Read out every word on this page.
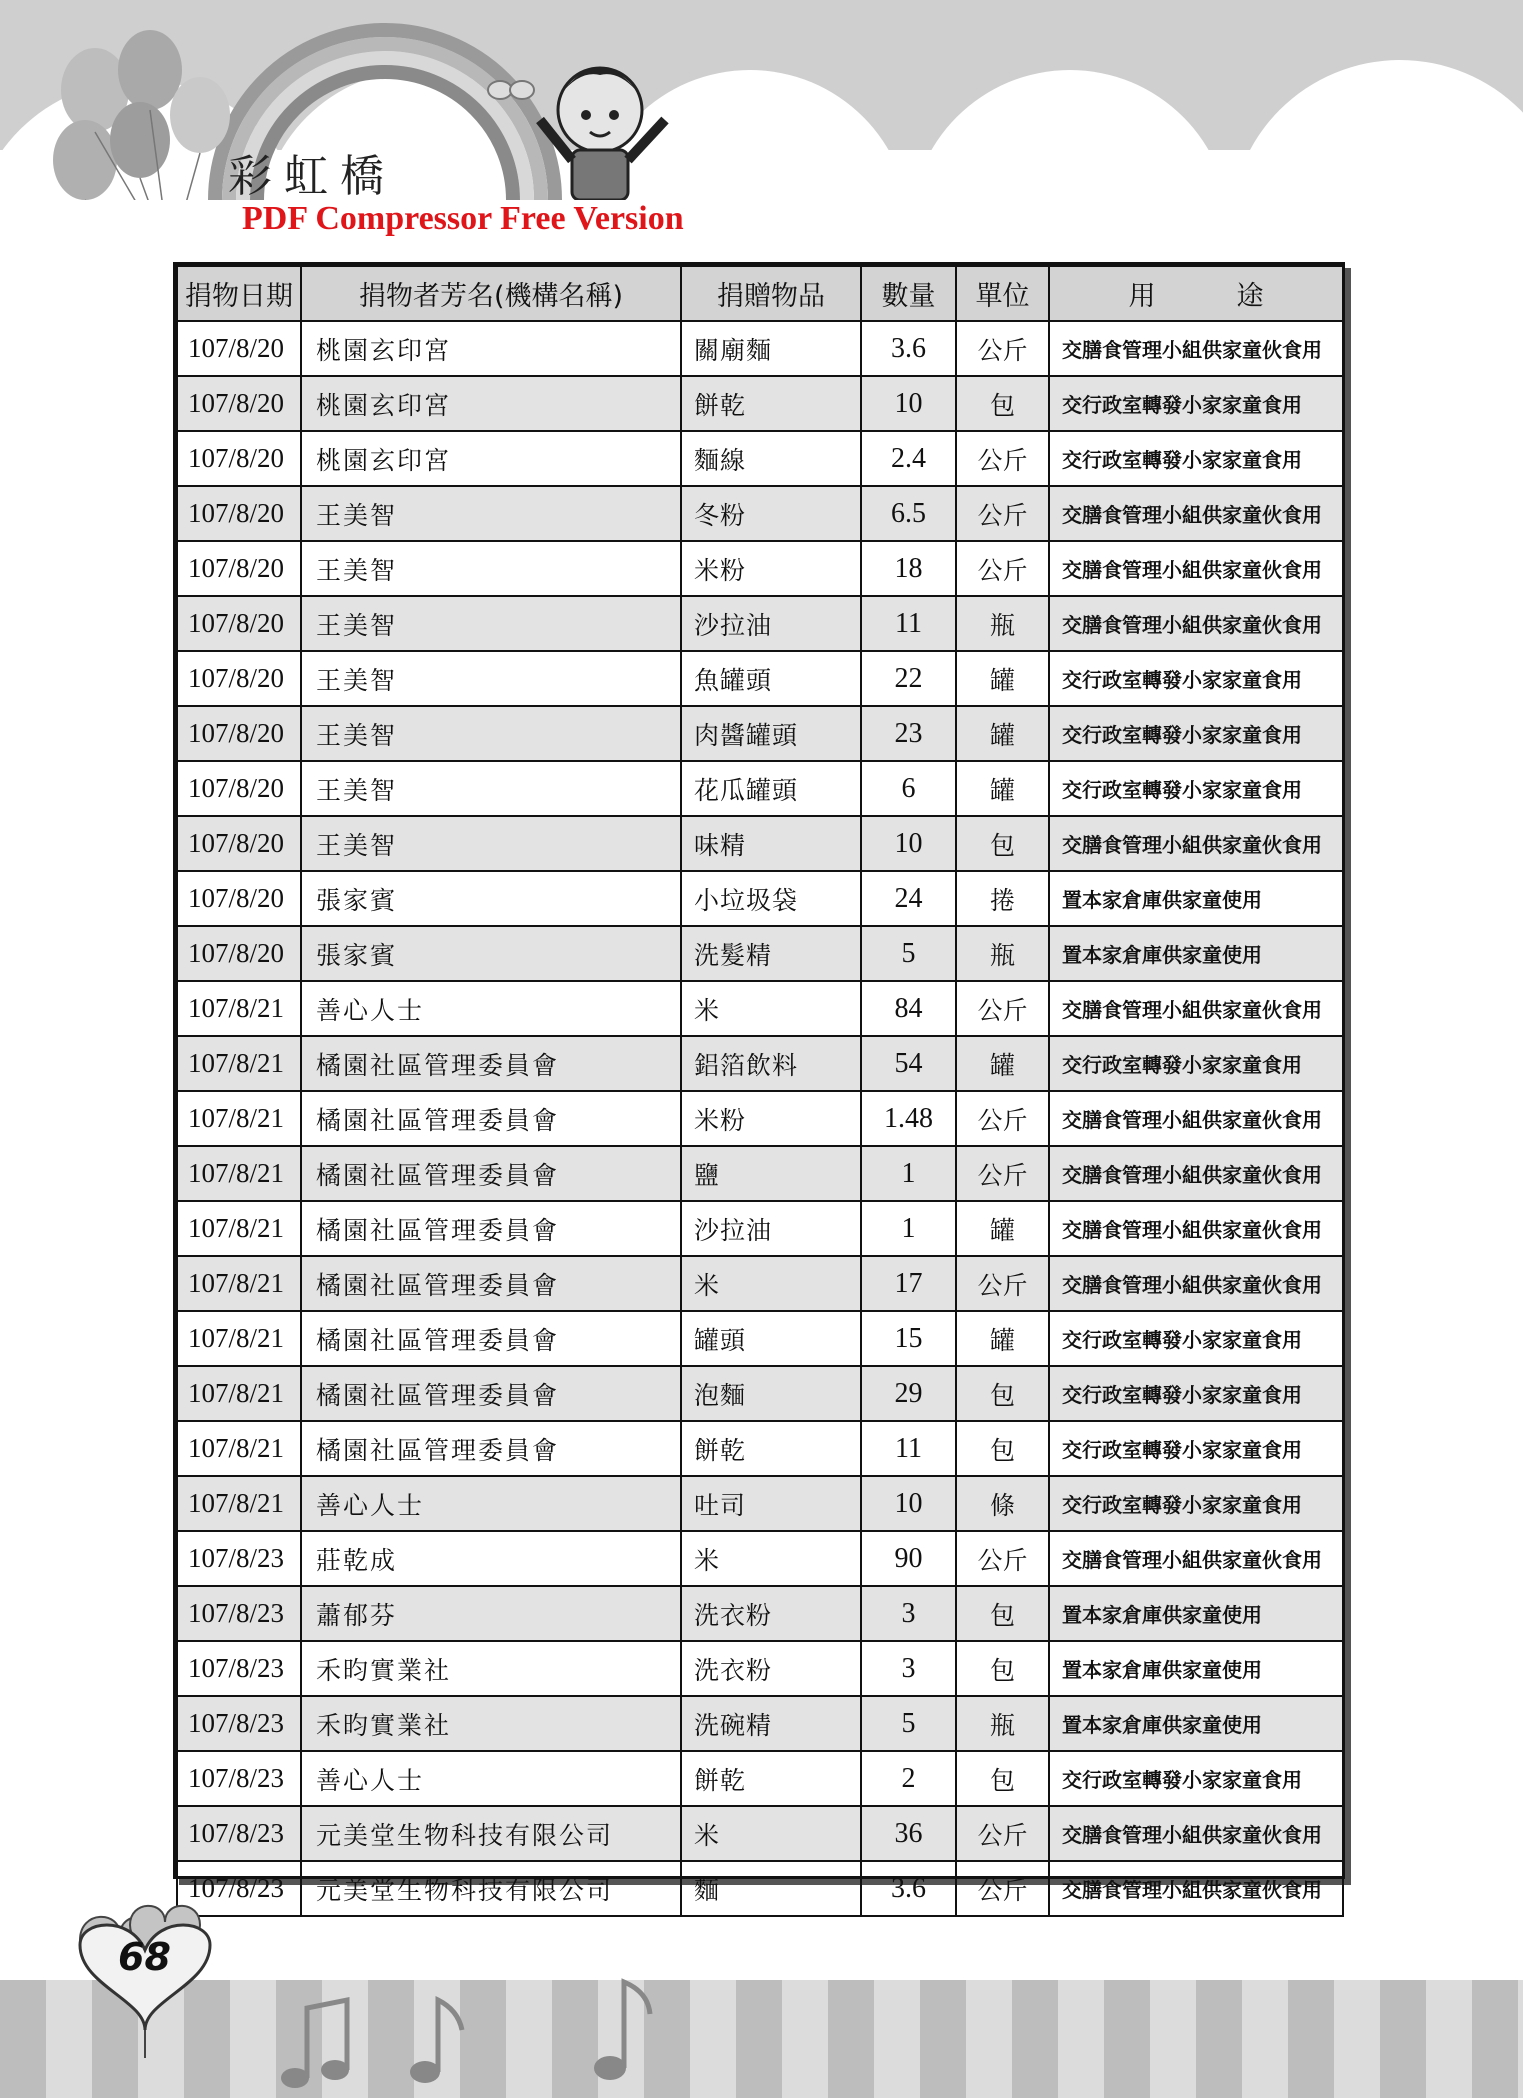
彩虹橋
PDF Compressor Free Version
捐物日期	捐物者芳名(機構名稱)	捐贈物品	數量	單位	用　　　途
107/8/20	桃園玄印宮	關廟麵	3.6	公斤	交膳食管理小組供家童伙食用
107/8/20	桃園玄印宮	餅乾	10	包	交行政室轉發小家家童食用
107/8/20	桃園玄印宮	麵線	2.4	公斤	交行政室轉發小家家童食用
107/8/20	王美智	冬粉	6.5	公斤	交膳食管理小組供家童伙食用
107/8/20	王美智	米粉	18	公斤	交膳食管理小組供家童伙食用
107/8/20	王美智	沙拉油	11	瓶	交膳食管理小組供家童伙食用
107/8/20	王美智	魚罐頭	22	罐	交行政室轉發小家家童食用
107/8/20	王美智	肉醬罐頭	23	罐	交行政室轉發小家家童食用
107/8/20	王美智	花瓜罐頭	6	罐	交行政室轉發小家家童食用
107/8/20	王美智	味精	10	包	交膳食管理小組供家童伙食用
107/8/20	張家賓	小垃圾袋	24	捲	置本家倉庫供家童使用
107/8/20	張家賓	洗髮精	5	瓶	置本家倉庫供家童使用
107/8/21	善心人士	米	84	公斤	交膳食管理小組供家童伙食用
107/8/21	橘園社區管理委員會	鋁箔飲料	54	罐	交行政室轉發小家家童食用
107/8/21	橘園社區管理委員會	米粉	1.48	公斤	交膳食管理小組供家童伙食用
107/8/21	橘園社區管理委員會	鹽	1	公斤	交膳食管理小組供家童伙食用
107/8/21	橘園社區管理委員會	沙拉油	1	罐	交膳食管理小組供家童伙食用
107/8/21	橘園社區管理委員會	米	17	公斤	交膳食管理小組供家童伙食用
107/8/21	橘園社區管理委員會	罐頭	15	罐	交行政室轉發小家家童食用
107/8/21	橘園社區管理委員會	泡麵	29	包	交行政室轉發小家家童食用
107/8/21	橘園社區管理委員會	餅乾	11	包	交行政室轉發小家家童食用
107/8/21	善心人士	吐司	10	條	交行政室轉發小家家童食用
107/8/23	莊乾成	米	90	公斤	交膳食管理小組供家童伙食用
107/8/23	蕭郁芬	洗衣粉	3	包	置本家倉庫供家童使用
107/8/23	禾昀實業社	洗衣粉	3	包	置本家倉庫供家童使用
107/8/23	禾昀實業社	洗碗精	5	瓶	置本家倉庫供家童使用
107/8/23	善心人士	餅乾	2	包	交行政室轉發小家家童食用
107/8/23	元美堂生物科技有限公司	米	36	公斤	交膳食管理小組供家童伙食用
107/8/23	元美堂生物科技有限公司	麵	3.6	公斤	交膳食管理小組供家童伙食用
68
